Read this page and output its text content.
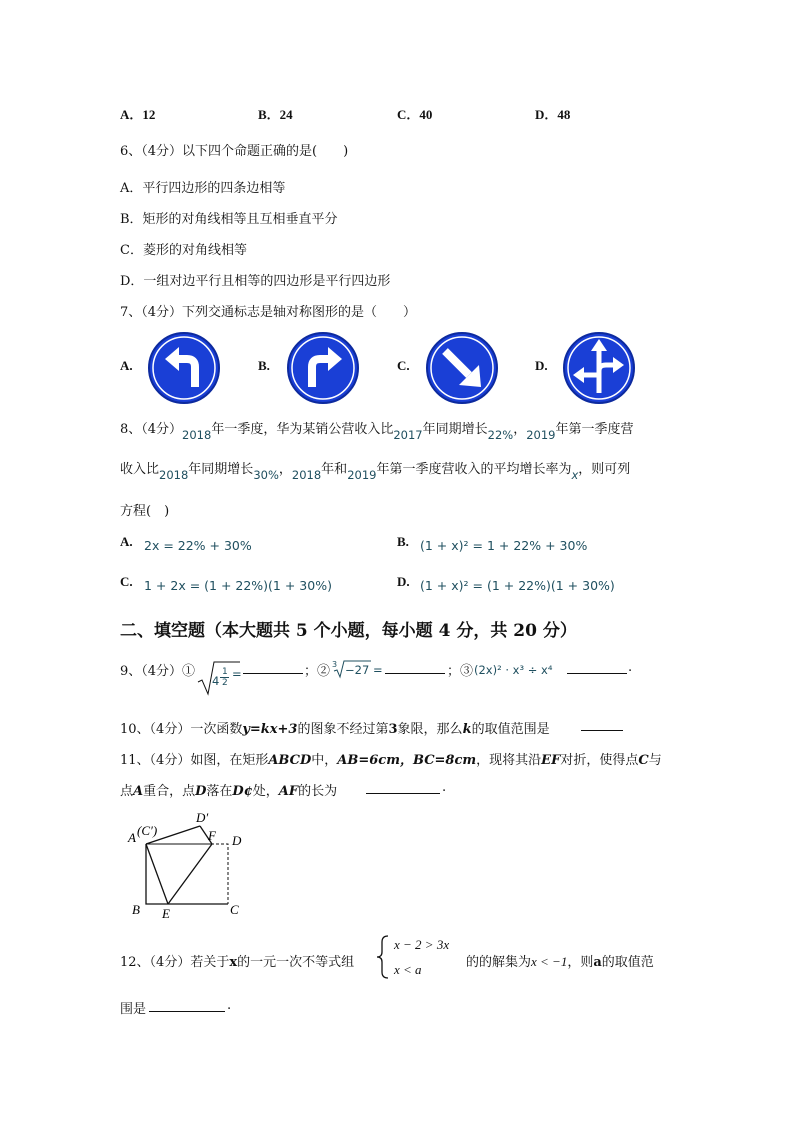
A．12	B．24	C．40	D．48
6、（4分）以下四个命题正确的是(　　)
A．平行四边形的四条边相等
B．矩形的对角线相等且互相垂直平分
C．菱形的对角线相等
D．一组对边平行且相等的四边形是平行四边形
7、（4分）下列交通标志是轴对称图形的是（　　）
A.	B.	C.	D.
8、（4分）2018年一季度，华为某销公营收入比2017年同期增长22%，2019年第一季度营
收入比2018年同期增长30%，2018年和2019年第一季度营收入的平均增长率为x，则可列
方程(　)
A. 2x = 22% + 30%	B. (1 + x)² = 1 + 22% + 30%
C. 1 + 2x = (1 + 22%)(1 + 30%)	D. (1 + x)² = (1 + 22%)(1 + 30%)
二、填空题（本大题共 5 个小题，每小题 4 分，共 20 分）
9、（4分）①
4
1
2
=	；② 3 −27 =	；③ (2x)² · x³ ÷ x⁴	.
10、（4分）一次函数y=kx+3的图象不经过第3象限，那么k的取值范围是
11、（4分）如图，在矩形ABCD中，AB=6cm，BC=8cm，现将其沿EF对折，使得点C与
点A重合，点D落在D¢处，AF的长为	.
A (C′)
D′
F D
B E	C
12、（4分）若关于x的一元一次不等式组
x − 2 > 3x
x < a	的的解集为x < −1，则a的取值范
围是	.
